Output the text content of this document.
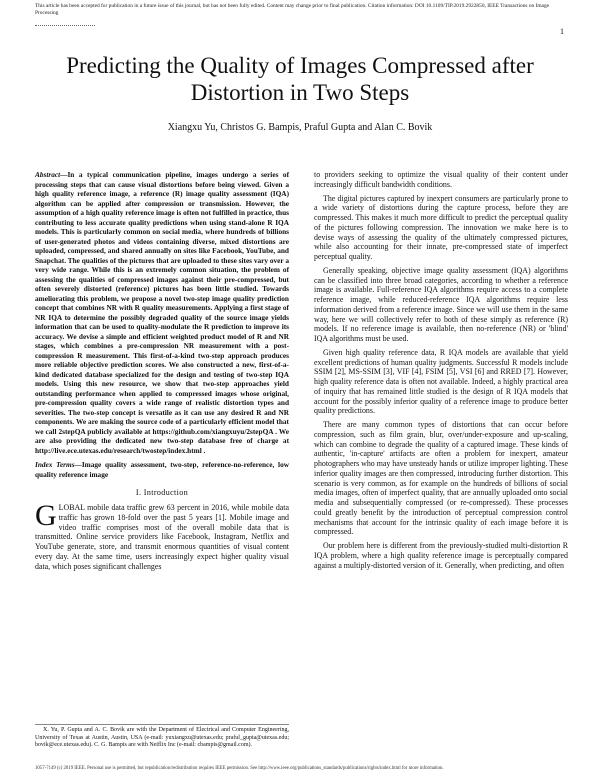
This article has been accepted for publication in a future issue of this journal, but has not been fully edited. Content may change prior to final publication. Citation information: DOI 10.1109/TIP.2019.2922850, IEEE Transactions on Image Processing
1
Predicting the Quality of Images Compressed after Distortion in Two Steps
Xiangxu Yu, Christos G. Bampis, Praful Gupta and Alan C. Bovik

Abstract—In a typical communication pipeline, images undergo a series of processing steps that can cause visual distortions before being viewed. Given a high quality reference image, a reference (R) image quality assessment (IQA) algorithm can be applied after compression or transmission. However, the assumption of a high quality reference image is often not fulfilled in practice, thus contributing to less accurate quality predictions when using stand-alone R IQA models. This is particularly common on social media, where hundreds of billions of user-generated photos and videos containing diverse, mixed distortions are uploaded, compressed, and shared annually on sites like Facebook, YouTube, and Snapchat. The qualities of the pictures that are uploaded to these sites vary over a very wide range. While this is an extremely common situation, the problem of assessing the qualities of compressed images against their pre-compressed, but often severely distorted (reference) pictures has been little studied. Towards ameliorating this problem, we propose a novel two-step image quality prediction concept that combines NR with R quality measurements. Applying a first stage of NR IQA to determine the possibly degraded quality of the source image yields information that can be used to quality-modulate the R prediction to improve its accuracy. We devise a simple and efficient weighted product model of R and NR stages, which combines a pre-compression NR measurement with a post-compression R measurement. This first-of-a-kind two-step approach produces more reliable objective prediction scores. We also constructed a new, first-of-a-kind dedicated database specialized for the design and testing of two-step IQA models. Using this new resource, we show that two-step approaches yield outstanding performance when applied to compressed images whose original, pre-compression quality covers a wide range of realistic distortion types and severities. The two-step concept is versatile as it can use any desired R and NR components. We are making the source code of a particularly efficient model that we call 2stepQA publicly available at https://github.com/xiangxuyu/2stepQA . We are also providing the dedicated new two-step database free of charge at http://live.ece.utexas.edu/research/twostep/index.html .

Index Terms—Image quality assessment, two-step, reference-no-reference, low quality reference image

I. Introduction

GLOBAL mobile data traffic grew 63 percent in 2016, while mobile data traffic has grown 18-fold over the past 5 years [1]. Mobile image and video traffic comprises most of the overall mobile data that is transmitted. Online service providers like Facebook, Instagram, Netflix and YouTube generate, store, and transmit enormous quantities of visual content every day. At the same time, users increasingly expect higher quality visual data, which poses significant challenges

to providers seeking to optimize the visual quality of their content under increasingly difficult bandwidth conditions.

The digital pictures captured by inexpert consumers are particularly prone to a wide variety of distortions during the capture process, before they are compressed. This makes it much more difficult to predict the perceptual quality of the pictures following compression. The innovation we make here is to devise ways of assessing the quality of the ultimately compressed pictures, while also accounting for their innate, pre-compressed state of imperfect perceptual quality.

Generally speaking, objective image quality assessment (IQA) algorithms can be classified into three broad categories, according to whether a reference image is available. Full-reference IQA algorithms require access to a complete reference image, while reduced-reference IQA algorithms require less information derived from a reference image. Since we will use them in the same way, here we will collectively refer to both of these simply as reference (R) models. If no reference image is available, then no-reference (NR) or 'blind' IQA algorithms must be used.

Given high quality reference data, R IQA models are available that yield excellent predictions of human quality judgments. Successful R models include SSIM [2], MS-SSIM [3], VIF [4], FSIM [5], VSI [6] and RRED [7]. However, high quality reference data is often not available. Indeed, a highly practical area of inquiry that has remained little studied is the design of R IQA models that account for the possibly inferior quality of a reference image to produce better quality predictions.

There are many common types of distortions that can occur before compression, such as film grain, blur, over/under-exposure and up-scaling, which can combine to degrade the quality of a captured image. These kinds of authentic, 'in-capture' artifacts are often a problem for inexpert, amateur photographers who may have unsteady hands or utilize improper lighting. These inferior quality images are then compressed, introducing further distortion. This scenario is very common, as for example on the hundreds of billions of social media images, often of imperfect quality, that are annually uploaded onto social media and subsequentially compressed (or re-compressed). These processes could greatly benefit by the introduction of perceptual compression control mechanisms that account for the intrinsic quality of each image before it is compressed.

Our problem here is different from the previously-studied multi-distortion R IQA problem, where a high quality reference image is perceptually compared against a multiply-distorted version of it. Generally, when predicting, and often

X. Yu, P. Gupta and A. C. Bovik are with the Department of Electrical and Computer Engineering, University of Texas at Austin, Austin, USA (e-mail: yuxiangxu@utexas.edu; praful_gupta@utexas.edu; bovik@ece.utexas.edu). C. G. Bampis are with Netflix Inc (e-mail: cbampis@gmail.com).

1057-7149 (c) 2019 IEEE. Personal use is permitted, but republication/redistribution requires IEEE permission. See http://www.ieee.org/publications_standards/publications/rights/index.html for more information.
